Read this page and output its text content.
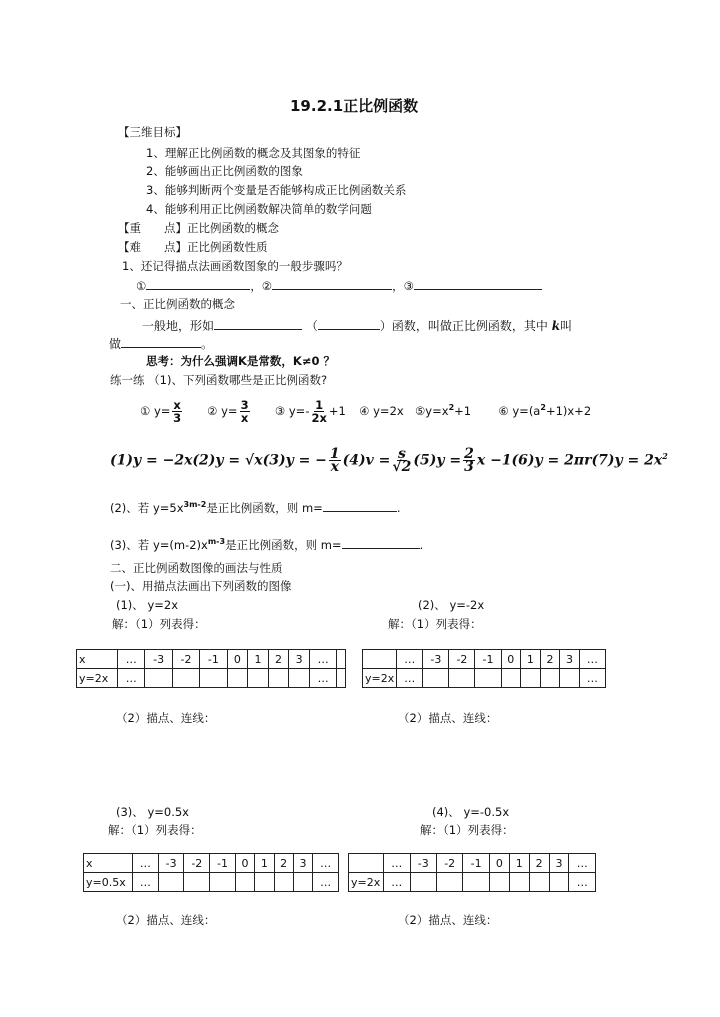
19.2.1正比例函数
【三维目标】
1、理解正比例函数的概念及其图象的特征
2、能够画出正比例函数的图象
3、能够判断两个变量是否能够构成正比例函数关系
4、能够利用正比例函数解决简单的数学问题
【重　　点】正比例函数的概念
【难　　点】正比例函数性质
1、还记得描点法画函数图象的一般步骤吗？
①	，②	，③
一、正比例函数的概念
一般地，形如	（	）函数，叫做正比例函数，其中 k叫
做	。
思考：为什么强调K是常数，K≠0 ？
练一练 （1)、下列函数哪些是正比例函数?
① $y= \frac{x}{3}$ ② $y= \frac{3}{x}$ ③ $y=- \frac{1}{2x} +1$ ④ y=2x $⑤y=x^2+1$ ⑥ $y=(a^2+1)x+2$
(1)y = −2x(2)y = √x(3)y = − $\frac{1}{x} (4)v = \frac{s}{√2} (5)y = \frac{2}{3}$ $x -1(6)y = 2\pi r(7)y = 2x^2$
(2)、若 $y=5x^{3m-2}$是正比例函数，则 m=	.
(3)、若 $y=(m-2)x^{m-3}$是正比例函数，则 m=	.
二、正比例函数图像的画法与性质
(一)、用描点法画出下列函数的图像
(1)、 y=2x	(2)、 y=-2x
解：（1）列表得：	解：（1）列表得：
x	…	-3	-2	-1	0	1	2	3	…	
y=2x	…								…	
	…	-3	-2	-1	0	1	2	3	…
y=2x	…								…
（2）描点、连线：	（2）描点、连线：
(3)、 y=0.5x	(4)、 y=-0.5x
解：（1）列表得：	解：（1）列表得：
x	…	-3	-2	-1	0	1	2	3	…
y=0.5x	…								…
	…	-3	-2	-1	0	1	2	3	…
y=2x	…								…
（2）描点、连线：	（2）描点、连线：
